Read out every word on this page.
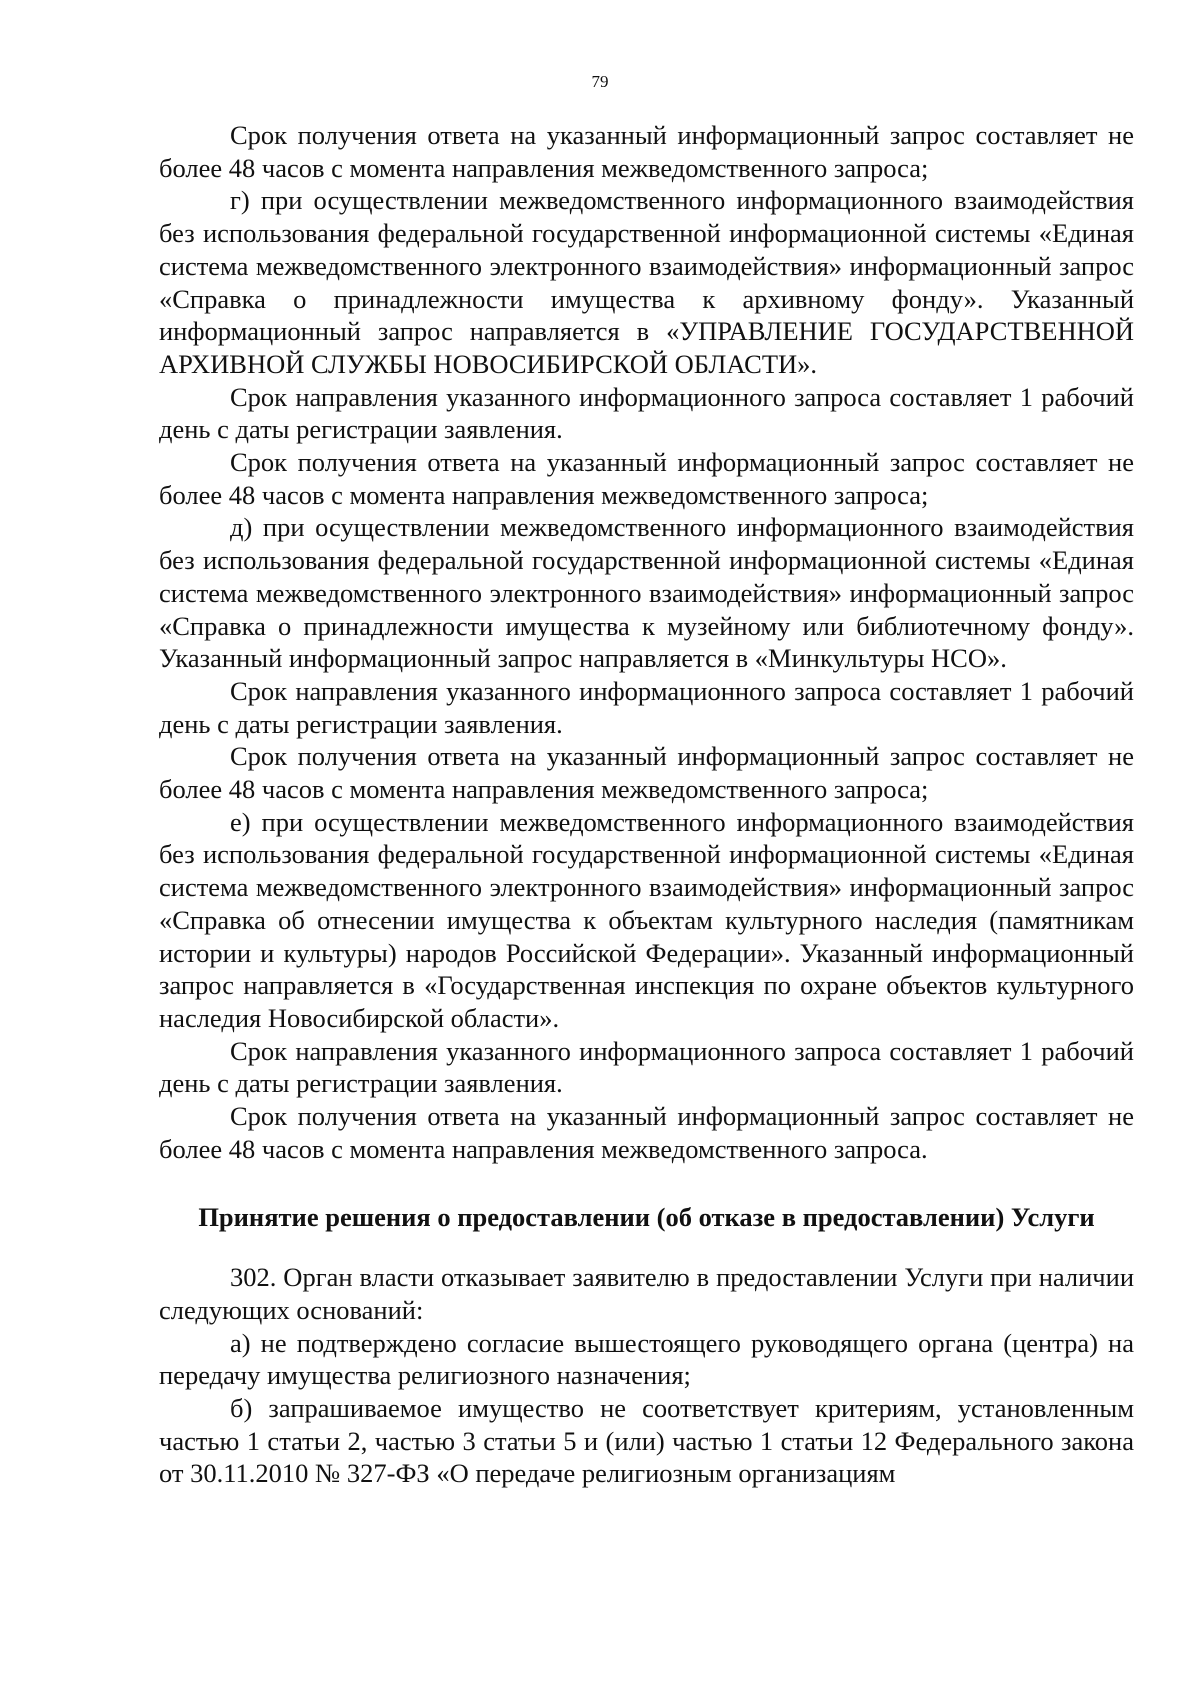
79

Срок получения ответа на указанный информационный запрос составляет не более 48 часов с момента направления межведомственного запроса;

г) при осуществлении межведомственного информационного взаимодействия без использования федеральной государственной информационной системы «Единая система межведомственного электронного взаимодействия» информационный запрос «Справка о принадлежности имущества к архивному фонду». Указанный информационный запрос направляется в «УПРАВЛЕНИЕ ГОСУДАРСТВЕННОЙ АРХИВНОЙ СЛУЖБЫ НОВОСИБИРСКОЙ ОБЛАСТИ».

Срок направления указанного информационного запроса составляет 1 рабочий день с даты регистрации заявления.

Срок получения ответа на указанный информационный запрос составляет не более 48 часов с момента направления межведомственного запроса;

д) при осуществлении межведомственного информационного взаимодействия без использования федеральной государственной информационной системы «Единая система межведомственного электронного взаимодействия» информационный запрос «Справка о принадлежности имущества к музейному или библиотечному фонду». Указанный информационный запрос направляется в «Минкультуры НСО».

Срок направления указанного информационного запроса составляет 1 рабочий день с даты регистрации заявления.

Срок получения ответа на указанный информационный запрос составляет не более 48 часов с момента направления межведомственного запроса;

е) при осуществлении межведомственного информационного взаимодействия без использования федеральной государственной информационной системы «Единая система межведомственного электронного взаимодействия» информационный запрос «Справка об отнесении имущества к объектам культурного наследия (памятникам истории и культуры) народов Российской Федерации». Указанный информационный запрос направляется в «Государственная инспекция по охране объектов культурного наследия Новосибирской области».

Срок направления указанного информационного запроса составляет 1 рабочий день с даты регистрации заявления.

Срок получения ответа на указанный информационный запрос составляет не более 48 часов с момента направления межведомственного запроса.

Принятие решения о предоставлении (об отказе в предоставлении) Услуги

302. Орган власти отказывает заявителю в предоставлении Услуги при наличии следующих оснований:

а) не подтверждено согласие вышестоящего руководящего органа (центра) на передачу имущества религиозного назначения;

б) запрашиваемое имущество не соответствует критериям, установленным частью 1 статьи 2, частью 3 статьи 5 и (или) частью 1 статьи 12 Федерального закона от 30.11.2010 № 327-ФЗ «О передаче религиозным организациям
